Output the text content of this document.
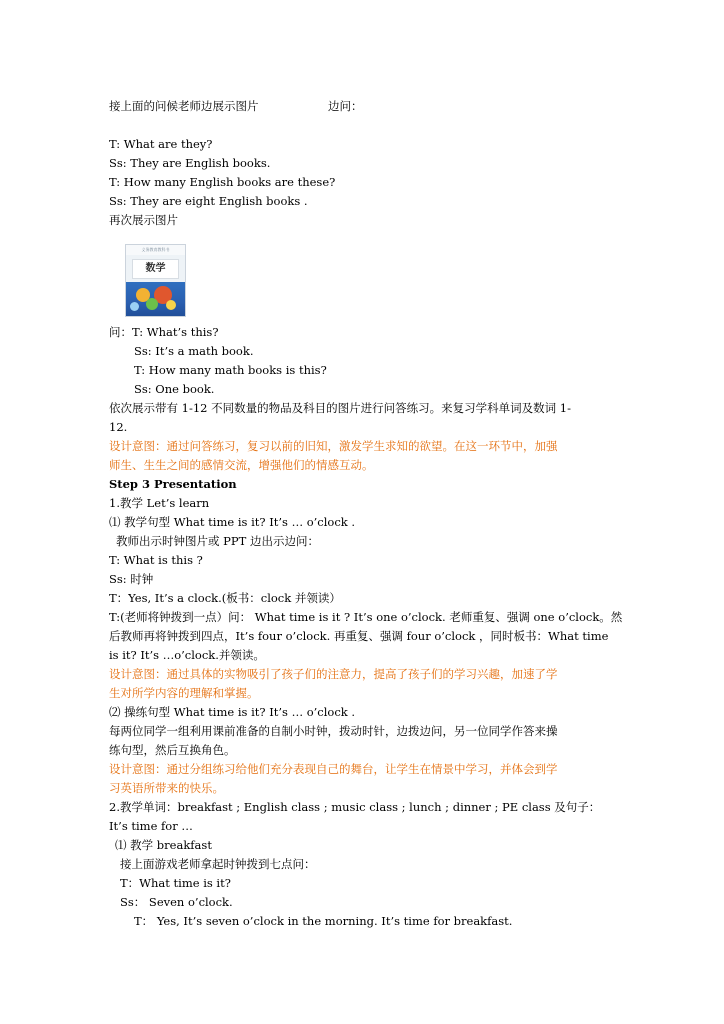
接上面的问候老师边展示图片	边问：
T: What are they?
Ss: They are English books.
T: How many English books are these?
Ss: They are eight English books .
再次展示图片
义务教育教科书
数学
问：T: What’s this?
Ss: It’s a math book.
T: How many math books is this?
Ss: One book.
依次展示带有 1-12 不同数量的物品及科目的图片进行问答练习。来复习学科单词及数词 1-
12.
设计意图：通过问答练习，复习以前的旧知，激发学生求知的欲望。在这一环节中，加强
师生、生生之间的感情交流，增强他们的情感互动。
Step 3 Presentation
1.教学 Let’s learn
⑴ 教学句型 What time is it? It’s … o’clock .
教师出示时钟图片或 PPT 边出示边问：
T: What is this ?
Ss: 时钟
T：Yes, It’s a clock.(板书：clock 并领读）
T:(老师将钟拨到一点）问： What time is it ? It’s one o’clock. 老师重复、强调 one o’clock。然
后教师再将钟拨到四点，It’s four o’clock. 再重复、强调 four o’clock ，同时板书：What time
is it? It’s …o’clock.并领读。
设计意图：通过具体的实物吸引了孩子们的注意力，提高了孩子们的学习兴趣，加速了学
生对所学内容的理解和掌握。
⑵ 操练句型 What time is it? It’s … o’clock .
每两位同学一组利用课前准备的自制小时钟，拨动时针，边拨边问，另一位同学作答来操
练句型，然后互换角色。
设计意图：通过分组练习给他们充分表现自己的舞台，让学生在情景中学习，并体会到学
习英语所带来的快乐。
2.教学单词：breakfast ; English class ; music class ; lunch ; dinner ; PE class 及句子：
It’s time for …
⑴ 教学 breakfast
接上面游戏老师拿起时钟拨到七点问：
T：What time is it?
Ss： Seven o’clock.
T： Yes, It’s seven o’clock in the morning. It’s time for breakfast.
